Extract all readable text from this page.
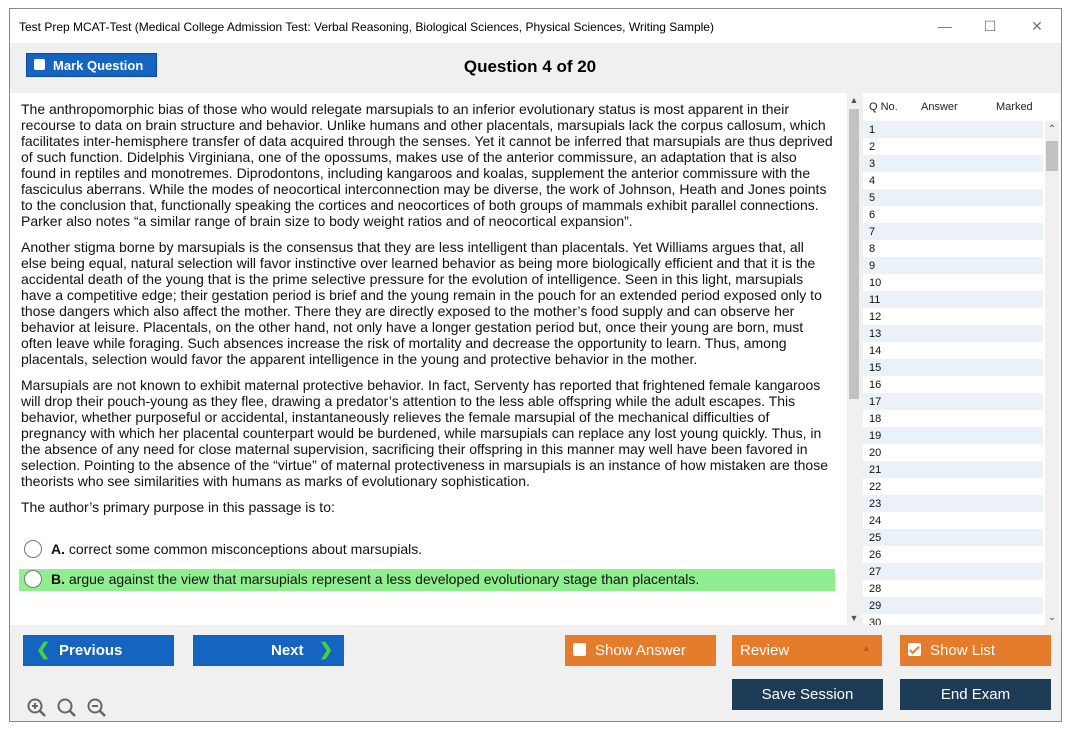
Test Prep MCAT-Test (Medical College Admission Test: Verbal Reasoning, Biological Sciences, Physical Sciences, Writing Sample)	— ☐ ✕
Mark Question	Question 4 of 20

The anthropomorphic bias of those who would relegate marsupials to an inferior evolutionary status is most apparent in their recourse to data on brain structure and behavior. Unlike humans and other placentals, marsupials lack the corpus callosum, which facilitates inter-hemisphere transfer of data acquired through the senses. Yet it cannot be inferred that marsupials are thus deprived of such function. Didelphis Virginiana, one of the opossums, makes use of the anterior commissure, an adaptation that is also found in reptiles and monotremes. Diprodontons, including kangaroos and koalas, supplement the anterior commissure with the fasciculus aberrans. While the modes of neocortical interconnection may be diverse, the work of Johnson, Heath and Jones points to the conclusion that, functionally speaking the cortices and neocortices of both groups of mammals exhibit parallel connections. Parker also notes “a similar range of brain size to body weight ratios and of neocortical expansion”.

Another stigma borne by marsupials is the consensus that they are less intelligent than placentals. Yet Williams argues that, all else being equal, natural selection will favor instinctive over learned behavior as being more biologically efficient and that it is the accidental death of the young that is the prime selective pressure for the evolution of intelligence. Seen in this light, marsupials have a competitive edge; their gestation period is brief and the young remain in the pouch for an extended period exposed only to those dangers which also affect the mother. There they are directly exposed to the mother’s food supply and can observe her behavior at leisure. Placentals, on the other hand, not only have a longer gestation period but, once their young are born, must often leave while foraging. Such absences increase the risk of mortality and decrease the opportunity to learn. Thus, among placentals, selection would favor the apparent intelligence in the young and protective behavior in the mother.

Marsupials are not known to exhibit maternal protective behavior. In fact, Serventy has reported that frightened female kangaroos will drop their pouch-young as they flee, drawing a predator’s attention to the less able offspring while the adult escapes. This behavior, whether purposeful or accidental, instantaneously relieves the female marsupial of the mechanical difficulties of pregnancy with which her placental counterpart would be burdened, while marsupials can replace any lost young quickly. Thus, in the absence of any need for close maternal supervision, sacrificing their offspring in this manner may well have been favored in selection. Pointing to the absence of the “virtue” of maternal protectiveness in marsupials is an instance of how mistaken are those theorists who see similarities with humans as marks of evolutionary sophistication.

The author’s primary purpose in this passage is to:
A. correct some common misconceptions about marsupials.
B. argue against the view that marsupials represent a less developed evolutionary stage than placentals.
▲
▼
Q No. Answer	Marked
1
2
3
4
5
6
7
8
9
10
11
12
13
14
15
16
17
18
19
20
21
22
23
24
25
26
27
28
29
30
⌃
⌄
❮ Previous	Next ❯	Show Answer	Review	▲	Show List
Save Session	End Exam
